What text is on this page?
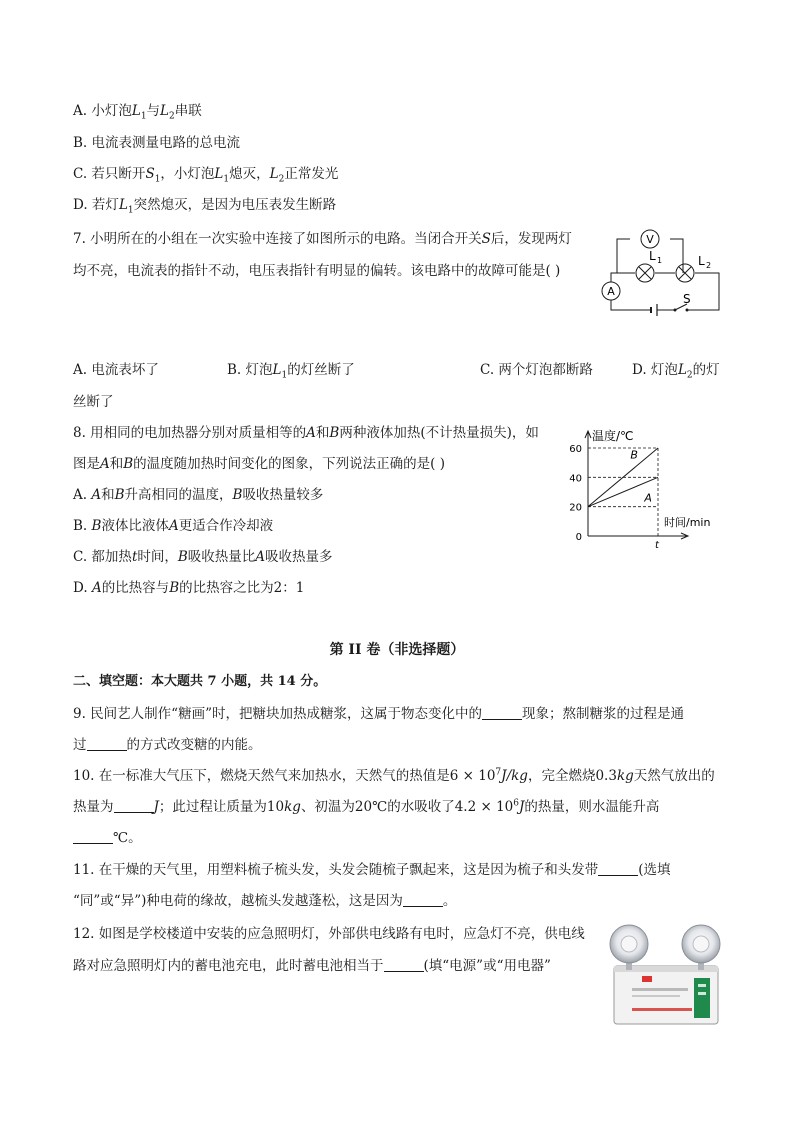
A. 小灯泡$L_1$与$L_2$串联
B. 电流表测量电路的总电流
C. 若只断开$S_1$，小灯泡$L_1$熄灭，$L_2$正常发光
D. 若灯$L_1$突然熄灭，是因为电压表发生断路
7. 小明所在的小组在一次实验中连接了如图所示的电路。当闭合开关S后，发现两灯
均不亮，电流表的指针不动，电压表指针有明显的偏转。该电路中的故障可能是( )
V
A
L 1	L 2
S
A. 电流表坏了	B. 灯泡$L_1$的灯丝断了	C. 两个灯泡都断路	D. 灯泡$L_2$的灯
丝断了
8. 用相同的电加热器分别对质量相等的A和B两种液体加热(不计热量损失)，如
图是A和B的温度随加热时间变化的图象，下列说法正确的是( )
A. A和B升高相同的温度，B吸收热量较多
B. B液体比液体A更适合作冷却液
C. 都加热t时间，B吸收热量比A吸收热量多
D. A的比热容与B的比热容之比为2：1
温度/℃
时间/min
0
20
40
60
t
B
A
第 II 卷（非选择题）
二、填空题：本大题共 7 小题，共 14 分。
9. 民间艺人制作“糖画”时，把糖块加热成糖浆，这属于物态变化中的	现象；熬制糖浆的过程是通
过	的方式改变糖的内能。
10. 在一标准大气压下，燃烧天然气来加热水，天然气的热值是$6 \times 10^7J/kg$，完全燃烧0.3kg天然气放出的
热量为	J；此过程让质量为10kg、初温为20℃的水吸收了$4.2 \times 10^6J$的热量，则水温能升高
℃。
11. 在干燥的天气里，用塑料梳子梳头发，头发会随梳子飘起来，这是因为梳子和头发带	(选填
“同”或“异”)种电荷的缘故，越梳头发越蓬松，这是因为	。
12. 如图是学校楼道中安装的应急照明灯，外部供电线路有电时，应急灯不亮，供电线
路对应急照明灯内的蓄电池充电，此时蓄电池相当于	(填“电源”或“用电器”
